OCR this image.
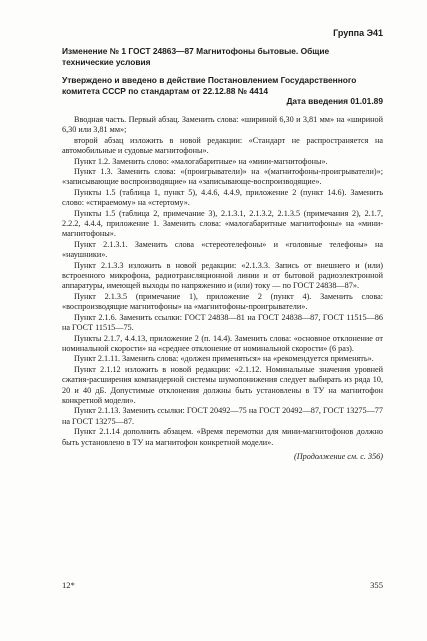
Группа Э41

Изменение № 1 ГОСТ 24863—87 Магнитофоны бытовые. Общие технические условия

Утверждено и введено в действие Постановлением Государственного комитета СССР по стандартам от 22.12.88 № 4414

Дата введения 01.01.89

Вводная часть. Первый абзац. Заменить слова: «шириной 6,30 и 3,81 мм» на «шириной 6,30 или 3,81 мм»;

второй абзац изложить в новой редакции: «Стандарт не распространяется на автомобильные и судовые магнитофоны».

Пункт 1.2. Заменить слово: «малогабаритные» на «мини-магнитофоны».

Пункт 1.3. Заменить слова: «(проигрыватели)» на «(магнитофоны-проигрыватели)»; «записывающие воспроизводящие» на «записывающе-воспроизводящие».

Пункты 1.5 (таблица 1, пункт 5), 4.4.6, 4.4.9, приложение 2 (пункт 14.6). Заменить слово: «стираемому» на «стертому».

Пункты 1.5 (таблица 2, примечание 3), 2.1.3.1, 2.1.3.2, 2.1.3.5 (примечания 2), 2.1.7, 2.2.2, 4.4.4, приложение 1. Заменить слова: «малогабаритные магнитофоны» на «мини-магнитофоны».

Пункт 2.1.3.1. Заменить слова «стереотелефоны» и «головные телефоны» на «наушники».

Пункт 2.1.3.3 изложить в новой редакции: «2.1.3.3. Запись от внешнего и (или) встроенного микрофона, радиотрансляционной линии и от бытовой радиоэлектронной аппаратуры, имеющей выходы по напряжению и (или) току — по ГОСТ 24838—87».

Пункт 2.1.3.5 (примечание 1), приложение 2 (пункт 4). Заменить слова: «воспроизводящие магнитофоны» на «магнитофоны-проигрыватели».

Пункт 2.1.6. Заменить ссылки: ГОСТ 24838—81 на ГОСТ 24838—87, ГОСТ 11515—86 на ГОСТ 11515—75.

Пункты 2.1.7, 4.4.13, приложение 2 (п. 14.4). Заменить слова: «основное отклонение от номинальной скорости» на «среднее отклонение от номинальной скорости» (6 раз).

Пункт 2.1.11. Заменить слова: «должен применяться» на «рекомендуется применять».

Пункт 2.1.12 изложить в новой редакции: «2.1.12. Номинальные значения уровней сжатия-расширения компандерной системы шумопонижения следует выбирать из ряда 10, 20 и 40 дБ. Допустимые отклонения должны быть установлены в ТУ на магнитофон конкретной модели».

Пункт 2.1.13. Заменить ссылки: ГОСТ 20492—75 на ГОСТ 20492—87, ГОСТ 13275—77 на ГОСТ 13275—87.

Пункт 2.1.14 дополнить абзацем. «Время перемотки для мини-магнитофонов должно быть установлено в ТУ на магнитофон конкретной модели».

(Продолжение см. с. 356)
12*	355
